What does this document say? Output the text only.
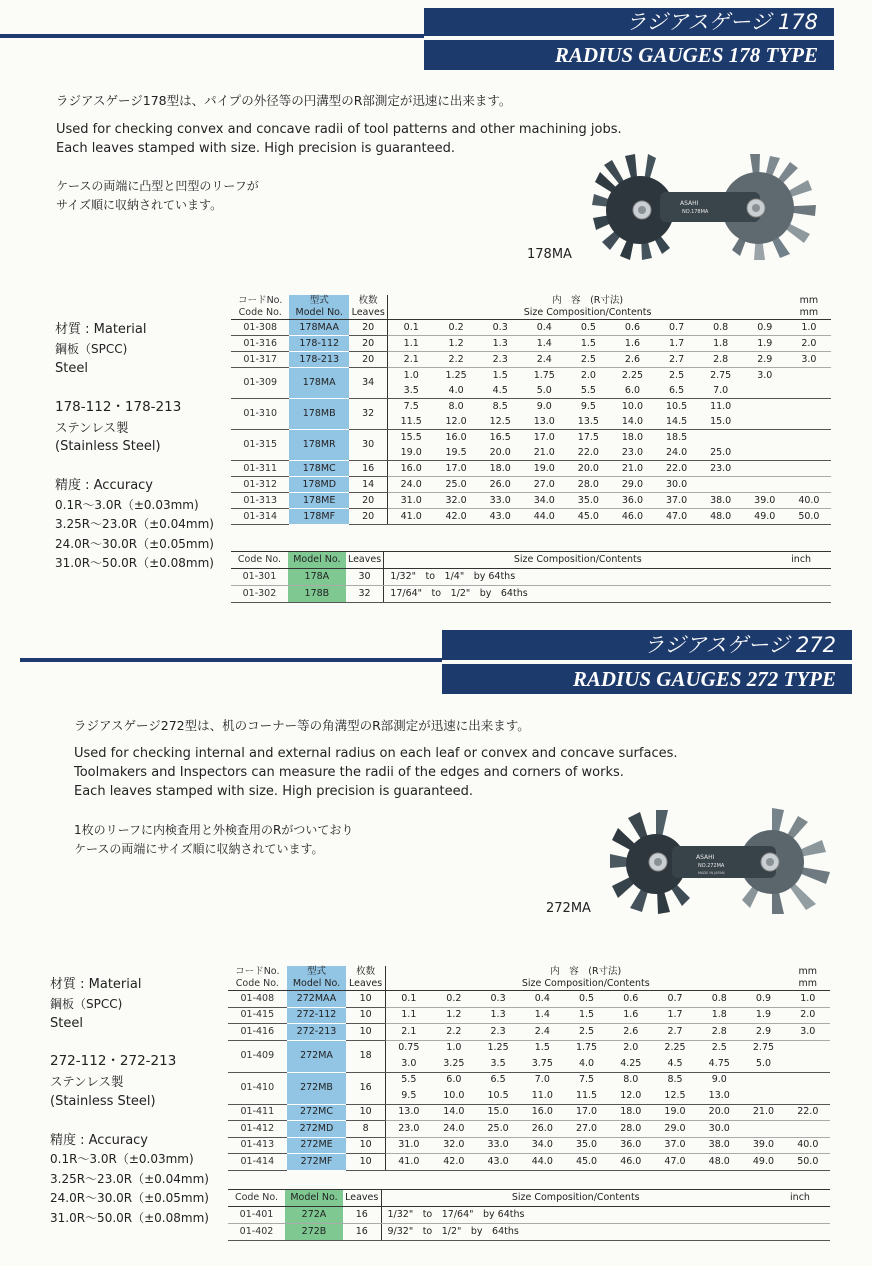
ラジアスゲージ 178
RADIUS GAUGES 178 TYPE
ラジアスゲージ178型は、パイプの外径等の円溝型のR部測定が迅速に出来ます。
Used for checking convex and concave radii of tool patterns and other machining jobs.
Each leaves stamped with size. High precision is guaranteed.
ケースの両端に凸型と凹型のリーフが
サイズ順に収納されています。	ASAHI
NO.178MA
178MA
材質 : Material
鋼板（SPCC)
Steel
178-112・178-213
ステンレス製
(Stainless Steel)
精度 : Accuracy
0.1R～3.0R（±0.03mm)
3.25R～23.0R（±0.04mm)
24.0R～30.0R（±0.05mm)
31.0R～50.0R（±0.08mm)
コードNo.	型式	枚数	内　容　(R寸法)									mm
Code No.	Model No.	Leaves	Size Composition/Contents									mm
01-308	178MAA	20	0.1	0.2	0.3	0.4	0.5	0.6	0.7	0.8	0.9	1.0
01-316	178-112	20	1.1	1.2	1.3	1.4	1.5	1.6	1.7	1.8	1.9	2.0
01-317	178-213	20	2.1	2.2	2.3	2.4	2.5	2.6	2.7	2.8	2.9	3.0
01-309	178MA	34	1.0	1.25	1.5	1.75	2.0	2.25	2.5	2.75	3.0	
			3.5	4.0	4.5	5.0	5.5	6.0	6.5	7.0		
01-310	178MB	32	7.5	8.0	8.5	9.0	9.5	10.0	10.5	11.0		
			11.5	12.0	12.5	13.0	13.5	14.0	14.5	15.0		
01-315	178MR	30	15.5	16.0	16.5	17.0	17.5	18.0	18.5			
			19.0	19.5	20.0	21.0	22.0	23.0	24.0	25.0		
01-311	178MC	16	16.0	17.0	18.0	19.0	20.0	21.0	22.0	23.0		
01-312	178MD	14	24.0	25.0	26.0	27.0	28.0	29.0	30.0			
01-313	178ME	20	31.0	32.0	33.0	34.0	35.0	36.0	37.0	38.0	39.0	40.0
01-314	178MF	20	41.0	42.0	43.0	44.0	45.0	46.0	47.0	48.0	49.0	50.0
Code No.	Model No.	Leaves	Size Composition/Contents	inch
01-301	178A	30	1/32"　to　1/4"　by 64ths	
01-302	178B	32	17/64"　to　1/2"　by　64ths	
ラジアスゲージ 272
RADIUS GAUGES 272 TYPE
ラジアスゲージ272型は、机のコーナー等の角溝型のR部測定が迅速に出来ます。
Used for checking internal and external radius on each leaf or convex and concave surfaces.
Toolmakers and Inspectors can measure the radii of the edges and corners of works.
Each leaves stamped with size. High precision is guaranteed.
1枚のリーフに内検査用と外検査用のRがついており
ケースの両端にサイズ順に収納されています。
ASAHI
NO.272MA
MADE IN JAPAN
272MA
材質 : Material
鋼板（SPCC)
Steel
272-112・272-213
ステンレス製
(Stainless Steel)
精度 : Accuracy
0.1R～3.0R（±0.03mm)
3.25R～23.0R（±0.04mm)
24.0R～30.0R（±0.05mm)
31.0R～50.0R（±0.08mm)
コードNo.	型式	枚数	内　容　(R寸法)									mm
Code No.	Model No.	Leaves	Size Composition/Contents									mm
01-408	272MAA	10	0.1	0.2	0.3	0.4	0.5	0.6	0.7	0.8	0.9	1.0
01-415	272-112	10	1.1	1.2	1.3	1.4	1.5	1.6	1.7	1.8	1.9	2.0
01-416	272-213	10	2.1	2.2	2.3	2.4	2.5	2.6	2.7	2.8	2.9	3.0
01-409	272MA	18	0.75	1.0	1.25	1.5	1.75	2.0	2.25	2.5	2.75	
			3.0	3.25	3.5	3.75	4.0	4.25	4.5	4.75	5.0	
01-410	272MB	16	5.5	6.0	6.5	7.0	7.5	8.0	8.5	9.0		
			9.5	10.0	10.5	11.0	11.5	12.0	12.5	13.0		
01-411	272MC	10	13.0	14.0	15.0	16.0	17.0	18.0	19.0	20.0	21.0	22.0
01-412	272MD	8	23.0	24.0	25.0	26.0	27.0	28.0	29.0	30.0		
01-413	272ME	10	31.0	32.0	33.0	34.0	35.0	36.0	37.0	38.0	39.0	40.0
01-414	272MF	10	41.0	42.0	43.0	44.0	45.0	46.0	47.0	48.0	49.0	50.0
Code No.	Model No.	Leaves	Size Composition/Contents	inch
01-401	272A	16	1/32"　to　17/64"　by 64ths	
01-402	272B	16	9/32"　to　1/2"　by　64ths	
